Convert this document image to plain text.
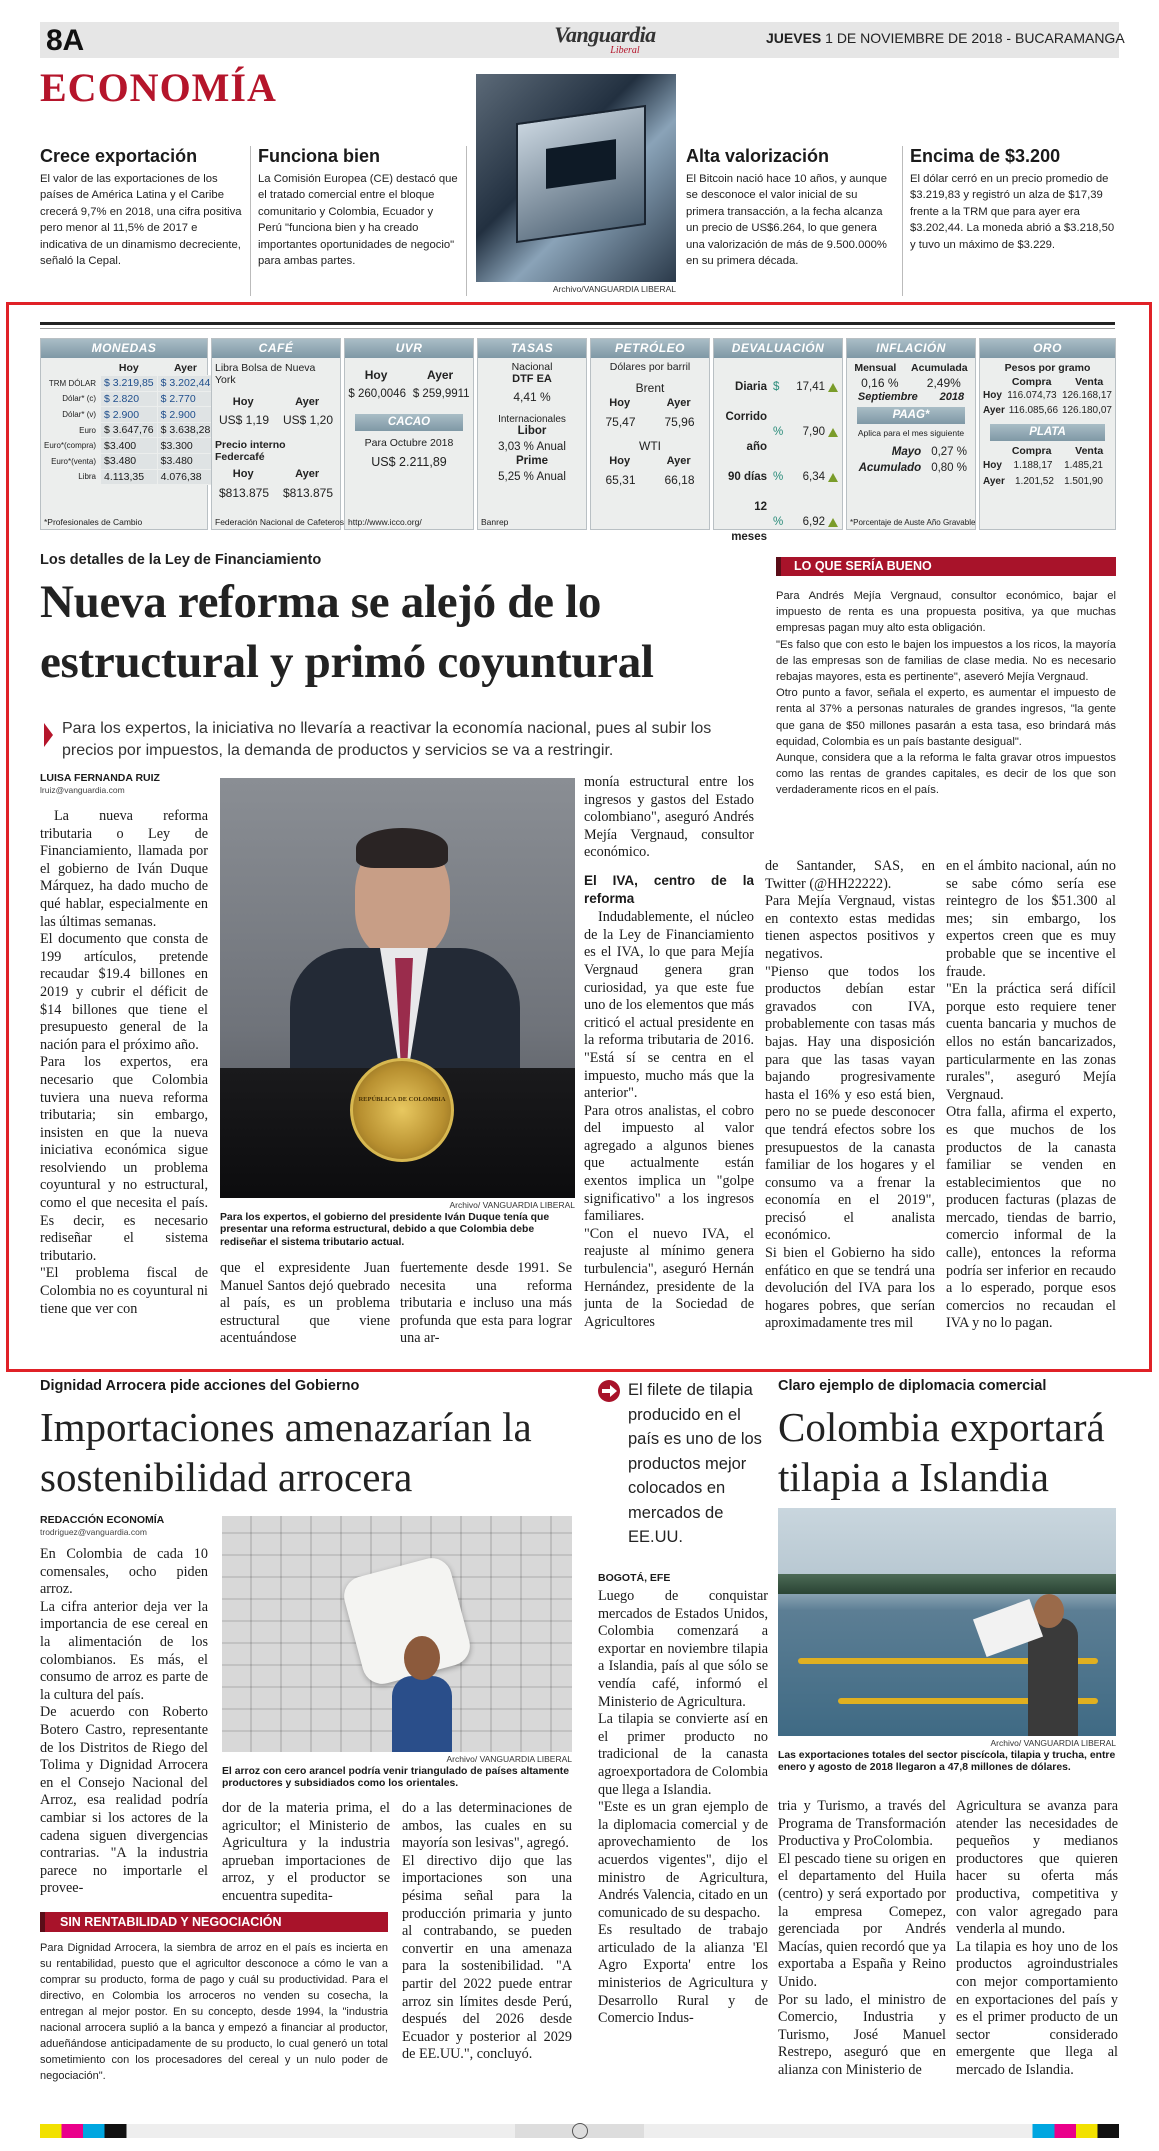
8A	Vanguardia
Liberal
JUEVES 1 DE NOVIEMBRE DE 2018 - BUCARAMANGA
ECONOMÍA
Crece exportación
El valor de las exportaciones de los países de América Latina y el Caribe crecerá 9,7% en 2018, una cifra positiva pero menor al 11,5% de 2017 e indicativa de un dinamismo decreciente, señaló la Cepal.
Funciona bien
La Comisión Europea (CE) destacó que el tratado comercial entre el bloque comunitario y Colombia, Ecuador y Perú "funciona bien y ha creado importantes oportunidades de negocio" para ambas partes.
Archivo/VANGUARDIA LIBERAL
Alta valorización
El Bitcoin nació hace 10 años, y aunque se desconoce el valor inicial de su primera transacción, a la fecha alcanza un precio de US$6.264, lo que genera una valorización de más de 9.500.000% en su primera década.
Encima de $3.200
El dólar cerró en un precio promedio de $3.219,83 y registró un alza de $17,39 frente a la TRM que para ayer era $3.202,44. La moneda abrió a $3.218,50 y tuvo un máximo de $3.229.
MONEDAS
	Hoy	Ayer
TRM DÓLAR	$ 3.219,85	$ 3.202,44
Dólar* (c)	$ 2.820	$ 2.770
Dólar* (v)	$ 2.900	$ 2.900
Euro	$ 3.647,76	$ 3.638,28
Euro*(compra)	$3.400	$3.300
Euro*(venta)	$3.480	$3.480
Libra	4.113,35	4.076,38
*Profesionales de Cambio
CAFÉ
Libra Bolsa de Nueva York
Hoy	Ayer
US$ 1,19 US$ 1,20
Precio interno Federcafé
Hoy	Ayer
$813.875 $813.875
Federación Nacional de Cafeteros
UVR
Hoy	Ayer
$ 260,0046 $ 259,9911
CACAO
Para Octubre 2018
US$ 2.211,89
http://www.icco.org/
TASAS
Nacional
DTF EA
4,41 %
Internacionales
Libor
3,03 % Anual
Prime
5,25 % Anual
Banrep
PETRÓLEO
Dólares por barril
Brent
Hoy	Ayer
75,47 75,96
WTI
Hoy	Ayer
65,31 66,18
DEVALUACIÓN
Diaria $	17,41
Corrido año
%	7,90
90 días %	6,34
12 meses
%	6,92
INFLACIÓN
Mensual Acumulada
0,16 % 2,49%
Septiembre 2018
PAAG*
Aplica para el mes siguiente
Mayo 0,27 %
Acumulado 0,80 %
*Porcentaje de Auste Año Gravable
ORO
Pesos por gramo
Compra Venta
Hoy 116.074,73 126.168,17
Ayer 116.085,66 126.180,07
PLATA
Compra Venta
Hoy 1.188,17 1.485,21
Ayer 1.201,52 1.501,90
Los detalles de la Ley de Financiamiento
Nueva reforma se alejó de lo estructural y primó coyuntural
Para los expertos, la iniciativa no llevaría a reactivar la economía nacional, pues al subir los precios por impuestos, la demanda de productos y servicios se va a restringir.
LUISA FERNANDA RUIZ
lruiz@vanguardia.com
LO QUE SERÍA BUENO
Para Andrés Mejía Vergnaud, consultor económico, bajar el impuesto de renta es una propuesta positiva, ya que muchas empresas pagan muy alto esta obligación.
"Es falso que con esto le bajen los impuestos a los ricos, la mayoría de las empresas son de familias de clase media. No es necesario rebajas mayores, esta es pertinente", aseveró Mejía Vergnaud.
Otro punto a favor, señala el experto, es aumentar el impuesto de renta al 37% a personas naturales de grandes ingresos, "la gente que gana de $50 millones pasarán a esta tasa, eso brindará más equidad, Colombia es un país bastante desigual".
Aunque, considera que a la reforma le falta gravar otros impuestos como las rentas de grandes capitales, es decir de los que son verdaderamente ricos en el país.
REPÚBLICA DE COLOMBIA
Archivo/ VANGUARDIA LIBERAL
Para los expertos, el gobierno del presidente Iván Duque tenía que presentar una reforma estructural, debido a que Colombia debe rediseñar el sistema tributario actual.
La nueva reforma tributaria o Ley de Financiamiento, llamada por el gobierno de Iván Duque Márquez, ha dado mucho de qué hablar, especialmente en las últimas semanas.
El documento que consta de 199 artículos, pretende recaudar $19.4 billones en 2019 y cubrir el déficit de $14 billones que tiene el presupuesto general de la nación para el próximo año.
Para los expertos, era necesario que Colombia tuviera una nueva reforma tributaria; sin embargo, insisten en que la nueva iniciativa económica sigue resolviendo un problema coyuntural y no estructural, como el que necesita el país. Es decir, es necesario rediseñar el sistema tributario.
"El problema fiscal de Colombia no es coyuntural ni tiene que ver con
que el expresidente Juan Manuel Santos dejó quebrado al país, es un problema estructural que viene acentuándose
fuertemente desde 1991. Se necesita una reforma tributaria e incluso una más profunda que esta para lograr una ar-
monía estructural entre los ingresos y gastos del Estado colombiano", aseguró Andrés Mejía Vergnaud, consultor económico.
El IVA, centro de la reforma
Indudablemente, el núcleo de la Ley de Financiamiento es el IVA, lo que para Mejía Vergnaud genera gran curiosidad, ya que este fue uno de los elementos que más criticó el actual presidente en la reforma tributaria de 2016. "Está sí se centra en el impuesto, mucho más que la anterior".
Para otros analistas, el cobro del impuesto al valor agregado a algunos bienes que actualmente están exentos implica un "golpe significativo" a los ingresos familiares.
"Con el nuevo IVA, el reajuste al mínimo genera turbulencia", aseguró Hernán Hernández, presidente de la junta de la Sociedad de Agricultores
de Santander, SAS, en Twitter (@HH22222).
Para Mejía Vergnaud, vistas en contexto estas medidas tienen aspectos positivos y negativos.
"Pienso que todos los productos debían estar gravados con IVA, probablemente con tasas más bajas. Hay una disposición para que las tasas vayan bajando progresivamente hasta el 16% y eso está bien, pero no se puede desconocer que tendrá efectos sobre los presupuestos de la canasta familiar de los hogares y el consumo va a frenar la economía en el 2019", precisó el analista económico.
Si bien el Gobierno ha sido enfático en que se tendrá una devolución del IVA para los hogares pobres, que serían aproximadamente tres mil
en el ámbito nacional, aún no se sabe cómo sería ese reintegro de los $51.300 al mes; sin embargo, los expertos creen que es muy probable que se incentive el fraude.
"En la práctica será difícil porque esto requiere tener cuenta bancaria y muchos de ellos no están bancarizados, particularmente en las zonas rurales", aseguró Mejía Vergnaud.
Otra falla, afirma el experto, es que muchos de los productos de la canasta familiar se venden en establecimientos que no producen facturas (plazas de mercado, tiendas de barrio, comercio informal de la calle), entonces la reforma podría ser inferior en recaudo a lo esperado, porque esos comercios no recaudan el IVA y no lo pagan.
Dignidad Arrocera pide acciones del Gobierno
Importaciones amenazarían la sostenibilidad arrocera
REDACCIÓN ECONOMÍA
trodriguez@vanguardia.com
En Colombia de cada 10 comensales, ocho piden arroz.
La cifra anterior deja ver la importancia de ese cereal en la alimentación de los colombianos. Es más, el consumo de arroz es parte de la cultura del país.
De acuerdo con Roberto Botero Castro, representante de los Distritos de Riego del Tolima y Dignidad Arrocera en el Consejo Nacional del Arroz, esa realidad podría cambiar si los actores de la cadena siguen divergencias contrarias. "A la industria parece no importarle el provee-
Archivo/ VANGUARDIA LIBERAL
El arroz con cero arancel podría venir triangulado de países altamente productores y subsidiados como los orientales.
dor de la materia prima, el agricultor; el Ministerio de Agricultura y la industria aprueban importaciones de arroz, y el productor se encuentra supedita-
do a las determinaciones de ambos, las cuales en su mayoría son lesivas", agregó.
El directivo dijo que las importaciones son una pésima señal para la producción primaria y junto al contrabando, se pueden convertir en una amenaza para la sostenibilidad. "A partir del 2022 puede entrar arroz sin límites desde Perú, después del 2026 desde Ecuador y posterior al 2029 de EE.UU.", concluyó.
SIN RENTABILIDAD Y NEGOCIACIÓN
Para Dignidad Arrocera, la siembra de arroz en el país es incierta en su rentabilidad, puesto que el agricultor desconoce a cómo le van a comprar su producto, forma de pago y cuál su productividad. Para el directivo, en Colombia los arroceros no venden su cosecha, la entregan al mejor postor. En su concepto, desde 1994, la "industria nacional arrocera suplió a la banca y empezó a financiar al productor, adueñándose anticipadamente de su producto, lo cual generó un total sometimiento con los procesadores del cereal y un nulo poder de negociación".
El filete de tilapia producido en el país es uno de los productos mejor colocados en mercados de EE.UU.
BOGOTÁ, EFE
Luego de conquistar mercados de Estados Unidos, Colombia comenzará a exportar en noviembre tilapia a Islandia, país al que sólo se vendía café, informó el Ministerio de Agricultura.
La tilapia se convierte así en el primer producto no tradicional de la canasta agroexportadora de Colombia que llega a Islandia.
"Este es un gran ejemplo de la diplomacia comercial y de aprovechamiento de los acuerdos vigentes", dijo el ministro de Agricultura, Andrés Valencia, citado en un comunicado de su despacho.
Es resultado de trabajo articulado de la alianza 'El Agro Exporta' entre los ministerios de Agricultura y Desarrollo Rural y de Comercio Indus-
Claro ejemplo de diplomacia comercial
Colombia exportará tilapia a Islandia
Archivo/ VANGUARDIA LIBERAL
Las exportaciones totales del sector piscícola, tilapia y trucha, entre enero y agosto de 2018 llegaron a 47,8 millones de dólares.
tria y Turismo, a través del Programa de Transformación Productiva y ProColombia.
El pescado tiene su origen en el departamento del Huila (centro) y será exportado por la empresa Comepez, gerenciada por Andrés Macías, quien recordó que ya exportaba a España y Reino Unido.
Por su lado, el ministro de Comercio, Industria y Turismo, José Manuel Restrepo, aseguró que en alianza con Ministerio de
Agricultura se avanza para atender las necesidades de pequeños y medianos productores que quieren hacer su oferta más productiva, competitiva y con valor agregado para venderla al mundo.
La tilapia es hoy uno de los productos agroindustriales con mejor comportamiento en exportaciones del país y es el primer producto de un sector considerado emergente que llega al mercado de Islandia.
